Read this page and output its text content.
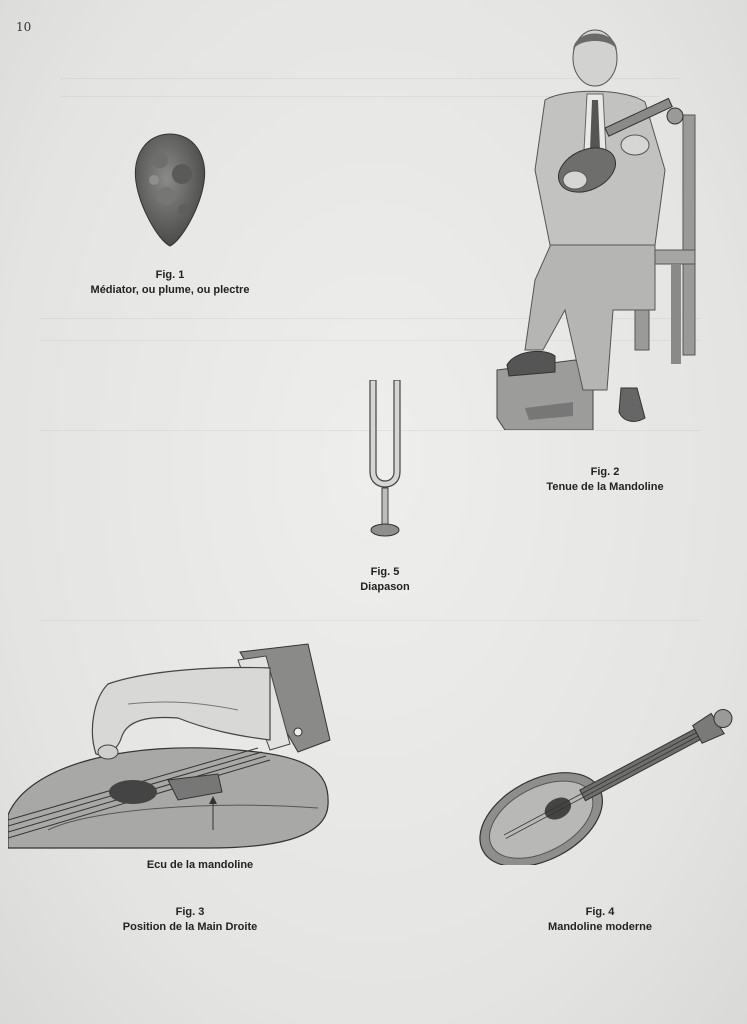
10
Fig. 1
Médiator, ou plume, ou plectre
Fig. 2
Tenue de la Mandoline
Fig. 5
Diapason
Ecu de la mandoline
Fig. 3
Position de la Main Droite
Fig. 4
Mandoline moderne
